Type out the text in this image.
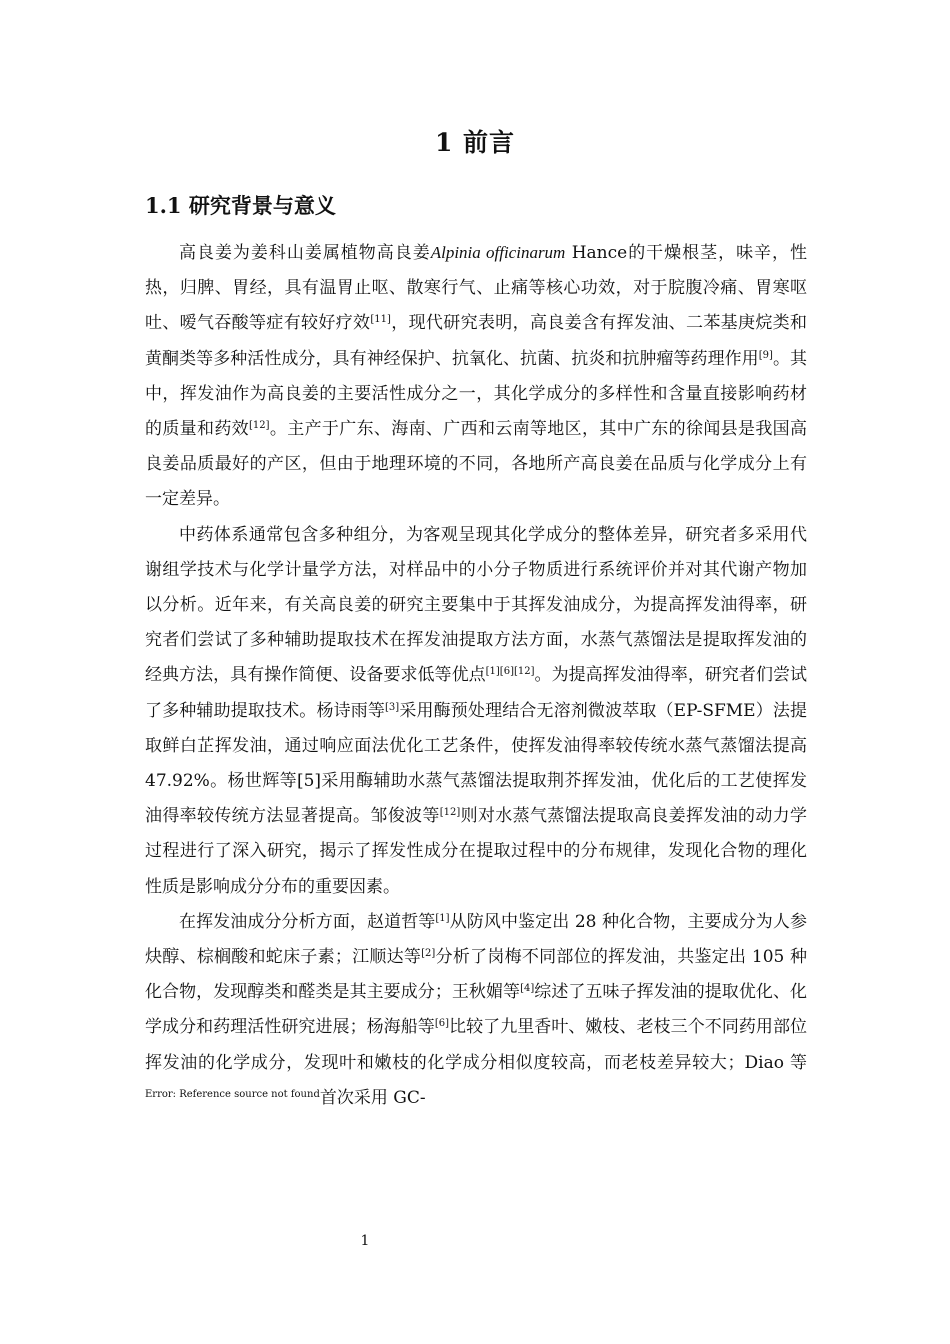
1 前言
1.1 研究背景与意义

高良姜为姜科山姜属植物高良姜Alpinia officinarum Hance的干燥根茎，味辛，性热，归脾、胃经，具有温胃止呕、散寒行气、止痛等核心功效，对于脘腹冷痛、胃寒呕吐、嗳气吞酸等症有较好疗效[11]，现代研究表明，高良姜含有挥发油、二苯基庚烷类和黄酮类等多种活性成分，具有神经保护、抗氧化、抗菌、抗炎和抗肿瘤等药理作用[9]。其中，挥发油作为高良姜的主要活性成分之一，其化学成分的多样性和含量直接影响药材的质量和药效[12]。主产于广东、海南、广西和云南等地区，其中广东的徐闻县是我国高良姜品质最好的产区，但由于地理环境的不同，各地所产高良姜在品质与化学成分上有一定差异。

中药体系通常包含多种组分，为客观呈现其化学成分的整体差异，研究者多采用代谢组学技术与化学计量学方法，对样品中的小分子物质进行系统评价并对其代谢产物加以分析。近年来，有关高良姜的研究主要集中于其挥发油成分，为提高挥发油得率，研究者们尝试了多种辅助提取技术在挥发油提取方法方面，水蒸气蒸馏法是提取挥发油的经典方法，具有操作简便、设备要求低等优点[1][6][12]。为提高挥发油得率，研究者们尝试了多种辅助提取技术。杨诗雨等[3]采用酶预处理结合无溶剂微波萃取（EP-SFME）法提取鲜白芷挥发油，通过响应面法优化工艺条件，使挥发油得率较传统水蒸气蒸馏法提高 47.92%。杨世辉等[5]采用酶辅助水蒸气蒸馏法提取荆芥挥发油，优化后的工艺使挥发油得率较传统方法显著提高。邹俊波等[12]则对水蒸气蒸馏法提取高良姜挥发油的动力学过程进行了深入研究，揭示了挥发性成分在提取过程中的分布规律，发现化合物的理化性质是影响成分分布的重要因素。

在挥发油成分分析方面，赵道哲等[1]从防风中鉴定出 28 种化合物，主要成分为人参炔醇、棕榈酸和蛇床子素；江顺达等[2]分析了岗梅不同部位的挥发油，共鉴定出 105 种化合物，发现醇类和醛类是其主要成分；王秋媚等[4]综述了五味子挥发油的提取优化、化学成分和药理活性研究进展；杨海船等[6]比较了九里香叶、嫩枝、老枝三个不同药用部位挥发油的化学成分，发现叶和嫩枝的化学成分相似度较高，而老枝差异较大；Diao 等$^{Error: Reference source not found}$首次采用 GC-

1
